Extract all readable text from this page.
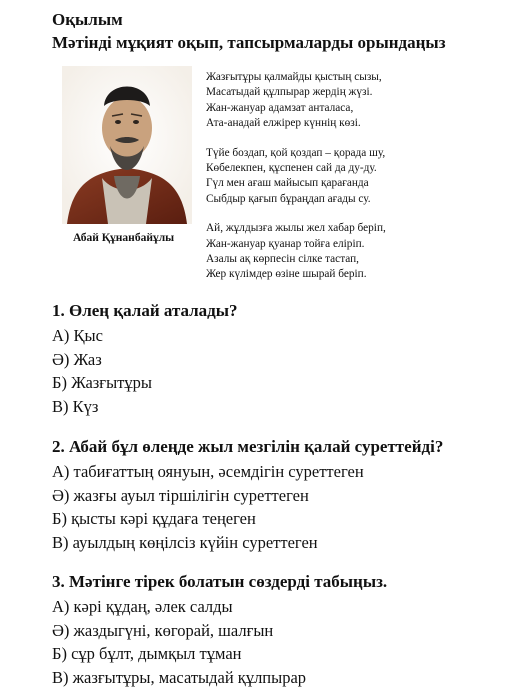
Оқылым
Мәтінді мұқият оқып, тапсырмаларды орындаңыз
Абай Құнанбайұлы
Жазғытұры қалмайды қыстың сызы,
Масатыдай құлпырар жердің жүзі.
Жан-жануар адамзат анталаса,
Ата-анадай елжірер күннің көзі.
Түйе боздап, қой қоздап – қорада шу,
Көбелекпен, құспенен сай да ду-ду.
Гүл мен ағаш майысып қарағанда
Сыбдыр қағып бұраңдап ағады су.
Ай, жұлдызға жылы жел хабар беріп,
Жан-жануар қуанар тойға еліріп.
Азалы ақ көрпесін сілке тастап,
Жер күлімдер өзіне шырай беріп.
1. Өлең қалай аталады?
А) Қыс
Ә) Жаз
Б) Жазғытұры
В) Күз
2. Абай бұл өлеңде жыл мезгілін қалай суреттейді?
А) табиғаттың оянуын, әсемдігін суреттеген
Ә) жазғы ауыл тіршілігін суреттеген
Б) қысты кәрі құдаға теңеген
В) ауылдың көңілсіз күйін суреттеген
3. Мәтінге тірек болатын сөздерді табыңыз.
А) кәрі құдаң, әлек салды
Ә) жаздыгүні, көгорай, шалғын
Б) сұр бұлт, дымқыл тұман
В) жазғытұры, масатыдай құлпырар
